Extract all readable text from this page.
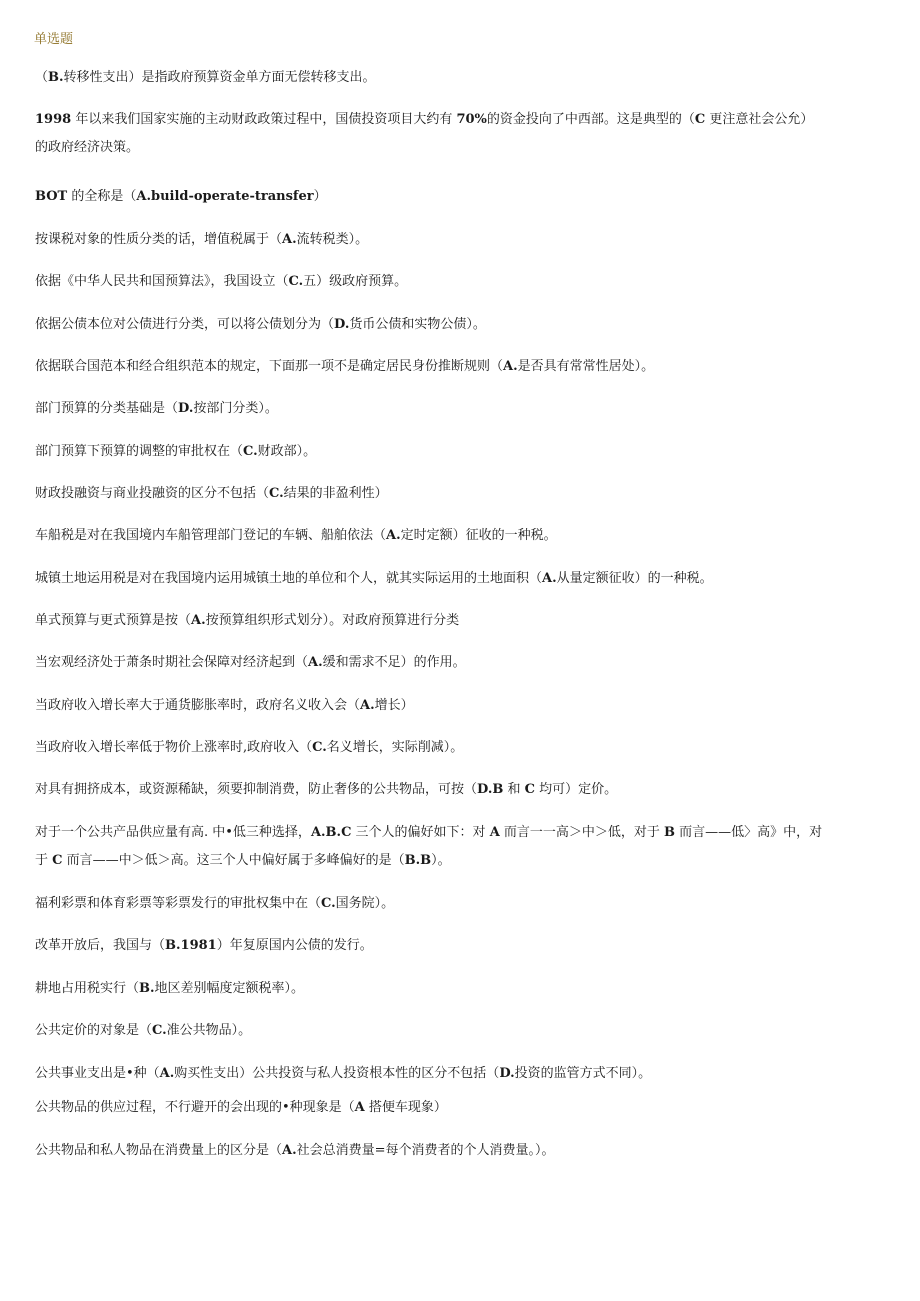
单选题
（B.转移性支出）是指政府预算资金单方面无偿转移支出。
1998 年以来我们国家实施的主动财政政策过程中，国债投资项目大约有 70%的资金投向了中西部。这是典型的（C 更注意社会公允）的政府经济决策。
BOT 的全称是（A.build-operate-transfer）
按课税对象的性质分类的话，增值税属于（A.流转税类）。
依据《中华人民共和国预算法》，我国设立（C.五）级政府预算。
依据公债本位对公债进行分类，可以将公债划分为（D.货币公债和实物公债）。
依据联合国范本和经合组织范本的规定，下面那一项不是确定居民身份推断规则（A.是否具有常常性居处）。
部门预算的分类基础是（D.按部门分类）。
部门预算下预算的调整的审批权在（C.财政部）。
财政投融资与商业投融资的区分不包括（C.结果的非盈利性）
车船税是对在我国境内车船管理部门登记的车辆、船舶依法（A.定时定额）征收的一种税。
城镇土地运用税是对在我国境内运用城镇土地的单位和个人，就其实际运用的土地面积（A.从量定额征收）的一种税。
单式预算与更式预算是按（A.按预算组织形式划分）。对政府预算进行分类
当宏观经济处于萧条时期社会保障对经济起到（A.缓和需求不足）的作用。
当政府收入增长率大于通货膨胀率时，政府名义收入会（A.增长）
当政府收入增长率低于物价上涨率时,政府收入（C.名义增长，实际削减）。
对具有拥挤成本，或资源稀缺，须要抑制消费，防止奢侈的公共物品，可按（D.B 和 C 均可）定价。
对于一个公共产品供应量有高. 中•低三种选择，A.B.C 三个人的偏好如下：对 A 而言一一高＞中＞低，对于 B 而言——低〉高》中，对于 C 而言——中＞低＞高。这三个人中偏好属于多峰偏好的是（B.B）。
福利彩票和体育彩票等彩票发行的审批权集中在（C.国务院）。
改革开放后，我国与（B.1981）年复原国内公债的发行。
耕地占用税实行（B.地区差别幅度定额税率）。
公共定价的对象是（C.准公共物品）。
公共事业支出是•种（A.购买性支出）公共投资与私人投资根本性的区分不包括（D.投资的监管方式不同）。
公共物品的供应过程，不行避开的会出现的•种现象是（A 搭便车现象）
公共物品和私人物品在消费量上的区分是（A.社会总消费量=每个消费者的个人消费量。）。
